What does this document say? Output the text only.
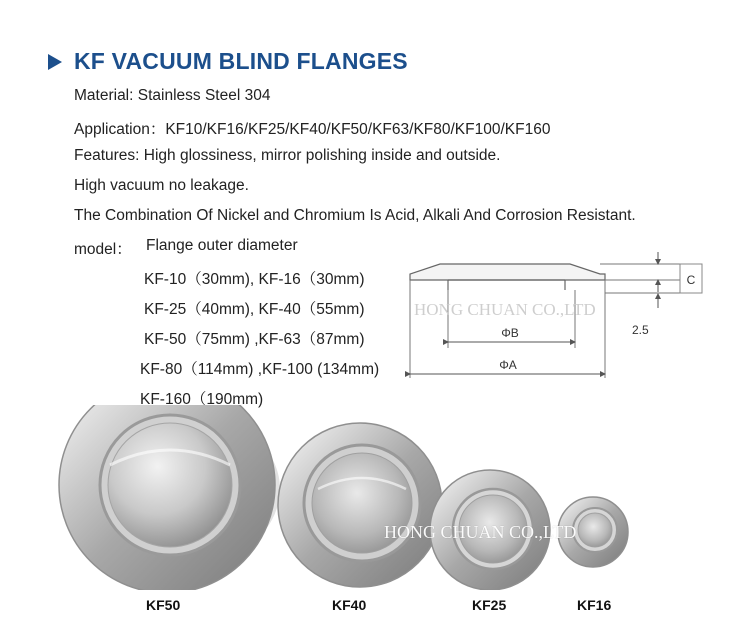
KF VACUUM BLIND FLANGES
Material: Stainless Steel 304
Application：KF10/KF16/KF25/KF40/KF50/KF63/KF80/KF100/KF160
Features: High glossiness, mirror polishing inside and outside.
High vacuum no leakage.
The Combination Of Nickel and Chromium Is Acid, Alkali And Corrosion Resistant.
model： Flange outer diameter
KF-10（30mm), KF-16（30mm)
KF-25（40mm), KF-40（55mm)
KF-50（75mm) ,KF-63（87mm)
KF-80（114mm) ,KF-100 (134mm)
KF-160（190mm)
C
2.5
ΦB
ΦA
HONG CHUAN CO.,LTD
HONG CHUAN CO.,LTD
KF50	KF40	KF25	KF16
